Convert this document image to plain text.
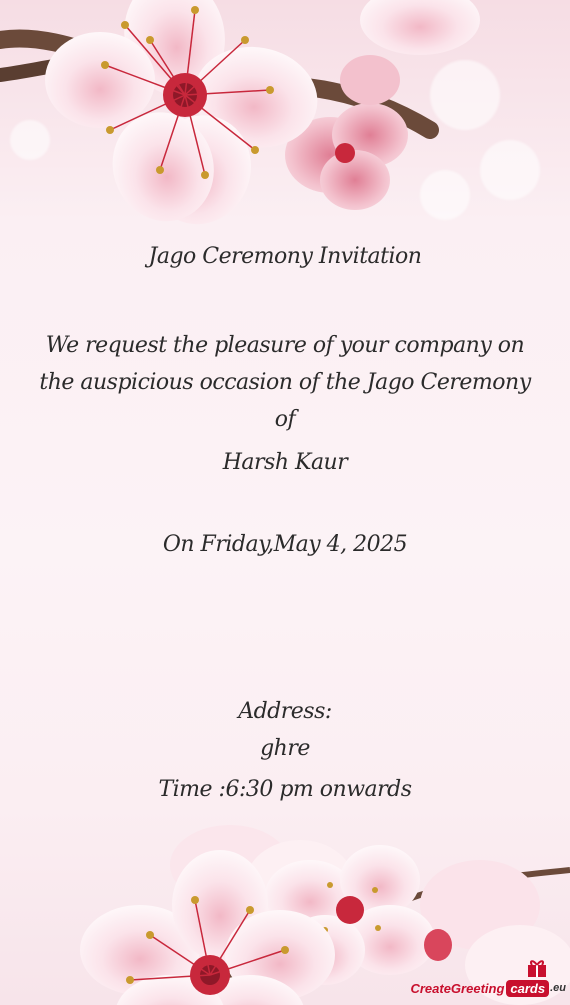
Jago Ceremony Invitation
We request the pleasure of your company on the auspicious occasion of the Jago Ceremony of
Harsh Kaur
On Friday,May 4, 2025
Address:
ghre
Time :6:30 pm onwards
CreateGreeting cards .eu
